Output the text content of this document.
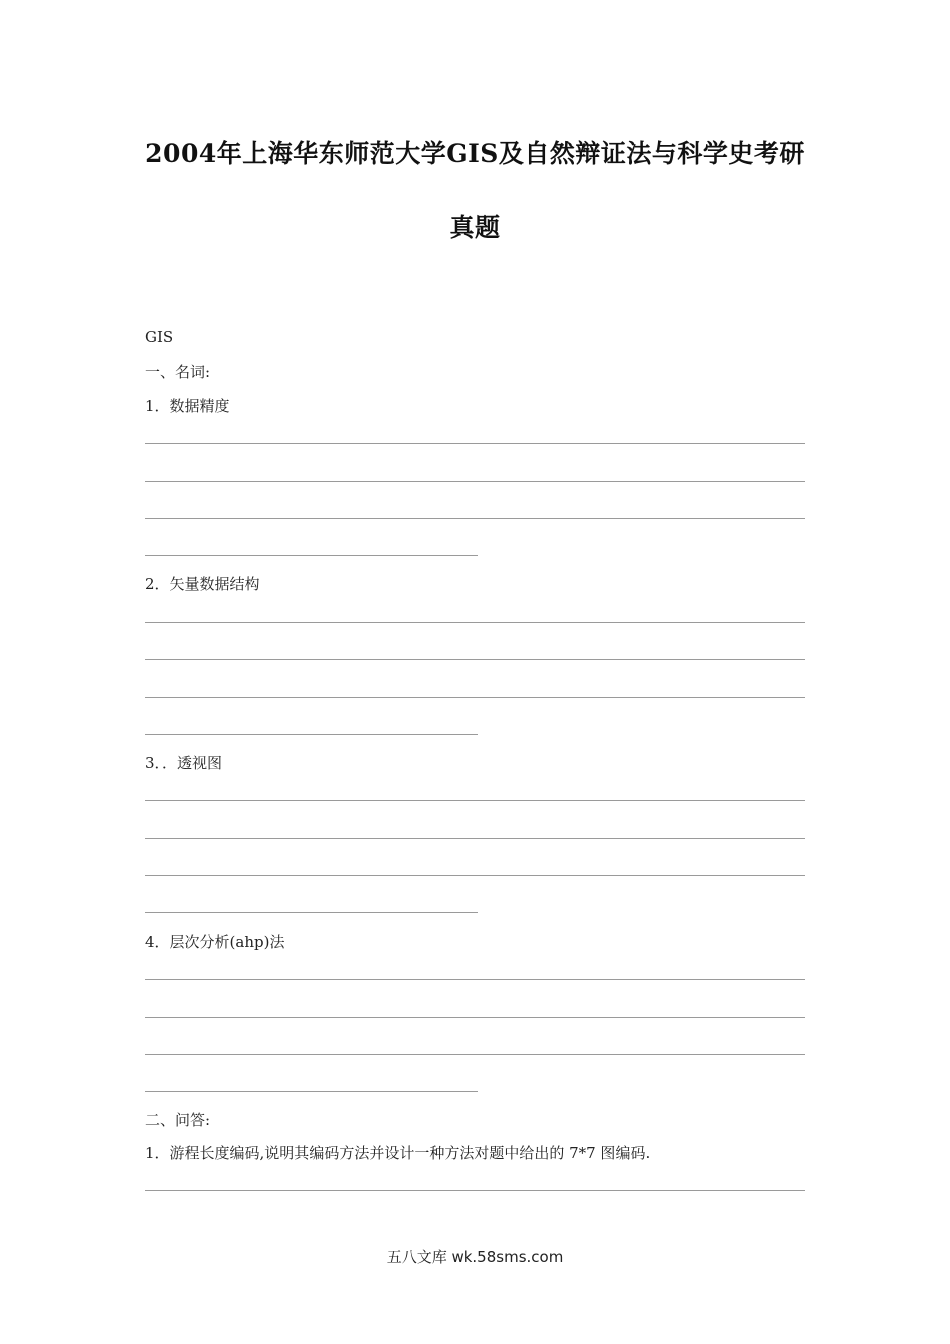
2004年上海华东师范大学GIS及自然辩证法与科学史考研
真题
GIS
一、名词:
1．数据精度
2．矢量数据结构
3．．透视图
4．层次分析(ahp)法
二、问答:
1．游程长度编码,说明其编码方法并设计一种方法对题中给出的 7*7 图编码.
五八文库 wk.58sms.com
